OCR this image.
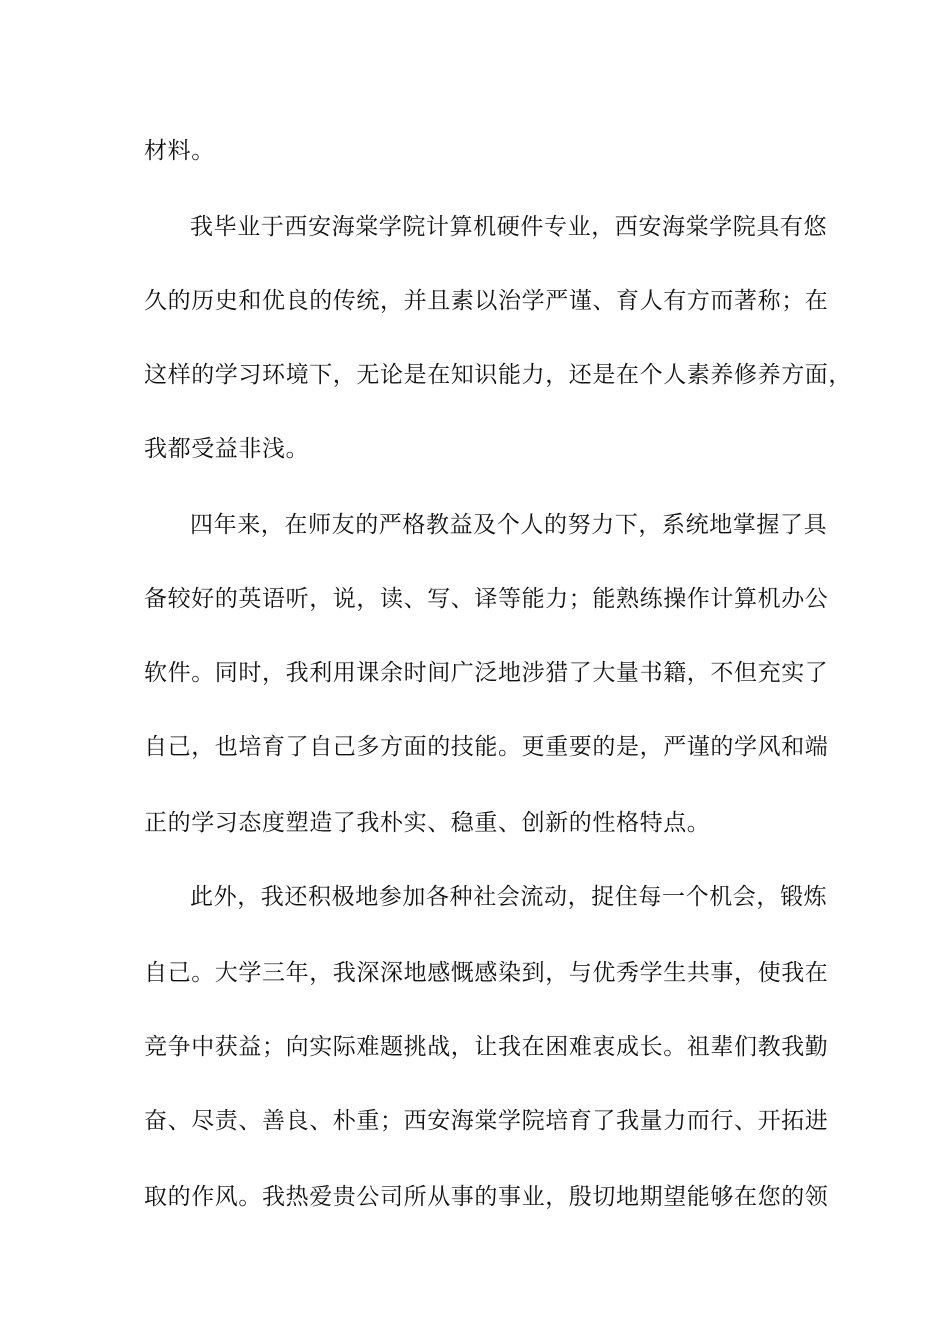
材料。
我毕业于西安海棠学院计算机硬件专业，西安海棠学院具有悠
久的历史和优良的传统，并且素以治学严谨、育人有方而著称；在
这样的学习环境下，无论是在知识能力，还是在个人素养修养方面，
我都受益非浅。
四年来，在师友的严格教益及个人的努力下，系统地掌握了具
备较好的英语听，说，读、写、译等能力；能熟练操作计算机办公
软件。同时，我利用课余时间广泛地涉猎了大量书籍，不但充实了
自己，也培育了自己多方面的技能。更重要的是，严谨的学风和端
正的学习态度塑造了我朴实、稳重、创新的性格特点。
此外，我还积极地参加各种社会流动，捉住每一个机会，锻炼
自己。大学三年，我深深地感慨感染到，与优秀学生共事，使我在
竞争中获益；向实际难题挑战，让我在困难衷成长。祖辈们教我勤
奋、尽责、善良、朴重；西安海棠学院培育了我量力而行、开拓进
取的作风。我热爱贵公司所从事的事业，殷切地期望能够在您的领
